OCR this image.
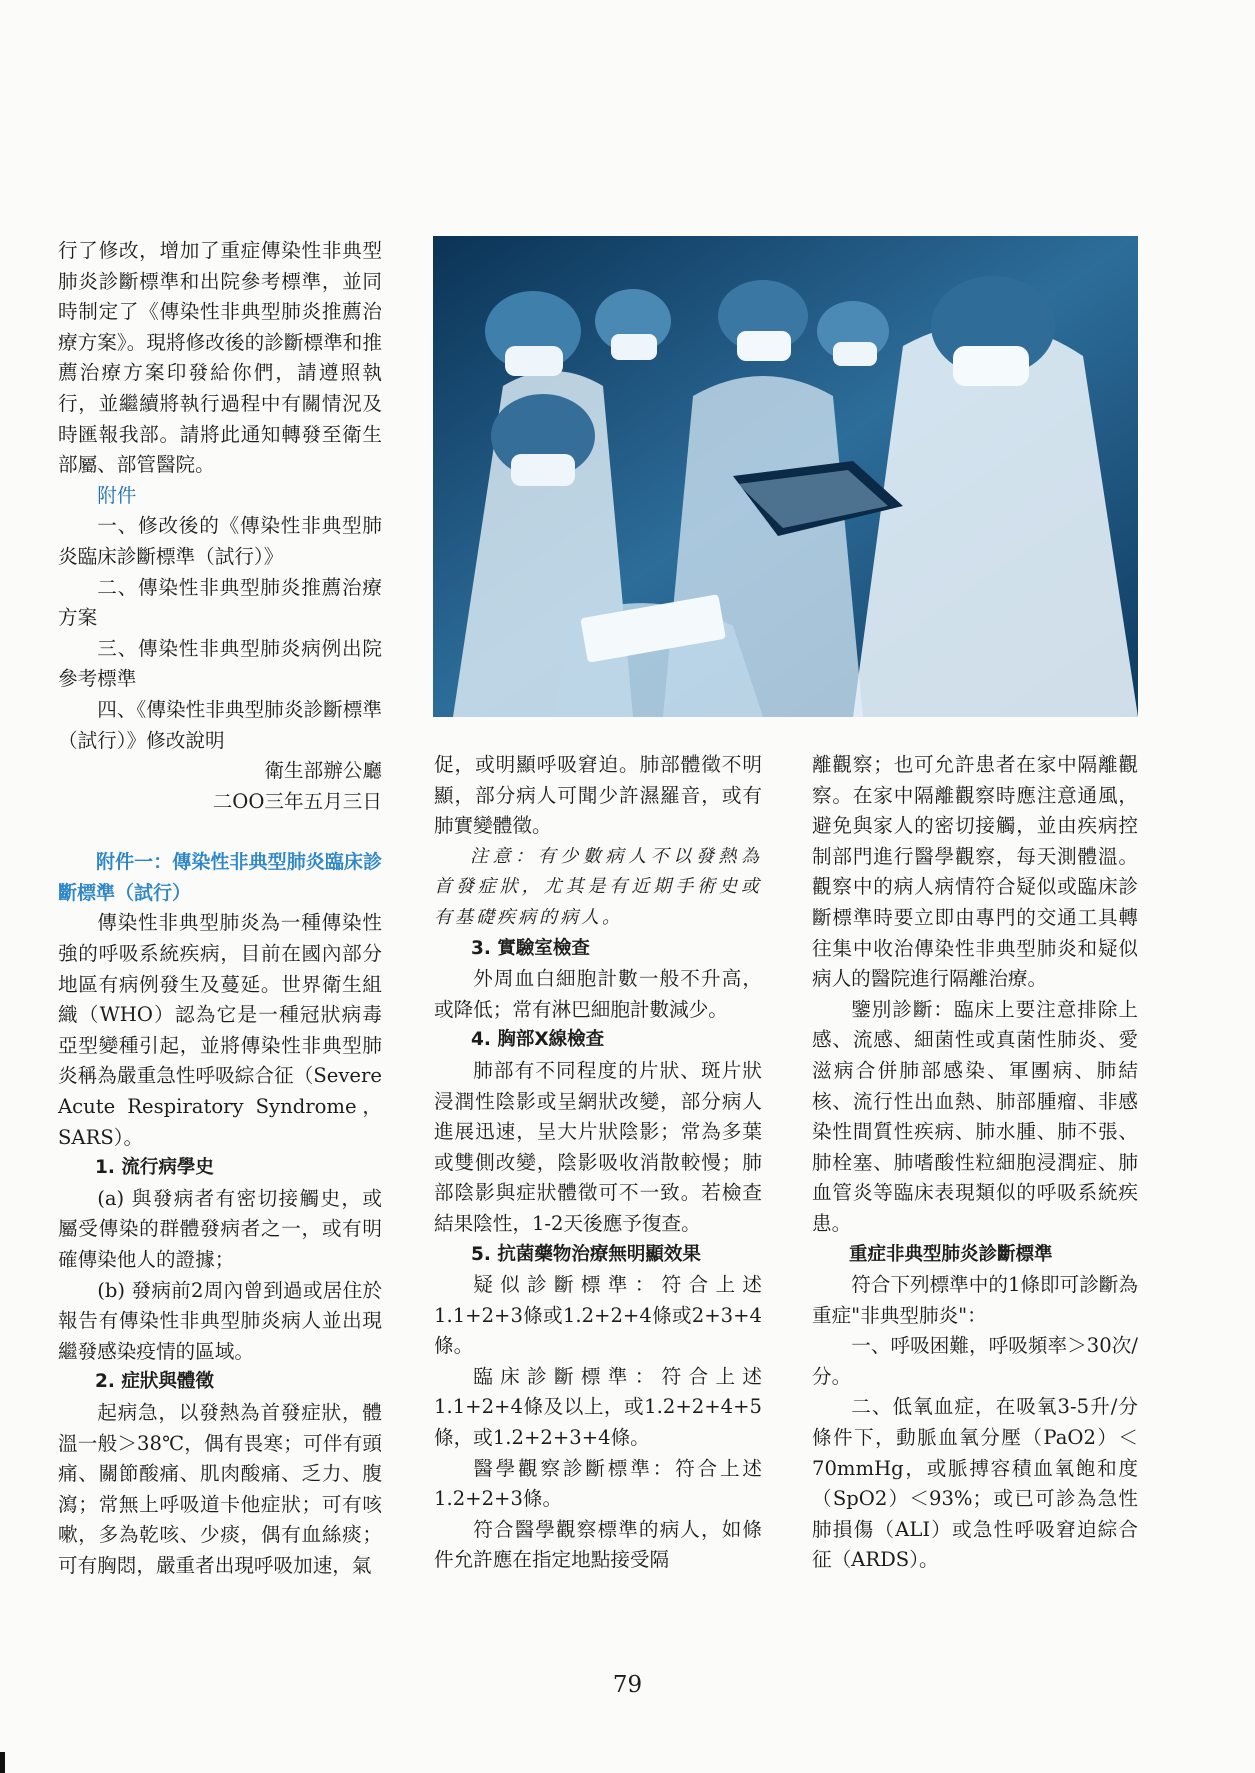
行了修改，增加了重症傳染性非典型肺炎診斷標準和出院參考標準，並同時制定了《傳染性非典型肺炎推薦治療方案》。現將修改後的診斷標準和推薦治療方案印發給你們，請遵照執行，並繼續將執行過程中有關情況及時匯報我部。請將此通知轉發至衛生部屬、部管醫院。

附件

一、修改後的《傳染性非典型肺炎臨床診斷標準（試行）》

二、傳染性非典型肺炎推薦治療方案

三、傳染性非典型肺炎病例出院參考標準

四、《傳染性非典型肺炎診斷標準（試行）》修改說明

衛生部辦公廳

二OO三年五月三日

附件一：傳染性非典型肺炎臨床診斷標準（試行）

傳染性非典型肺炎為一種傳染性強的呼吸系統疾病，目前在國內部分地區有病例發生及蔓延。世界衛生組織（WHO）認為它是一種冠狀病毒亞型變種引起，並將傳染性非典型肺炎稱為嚴重急性呼吸綜合征（Severe Acute Respiratory Syndrome，SARS）。

1. 流行病學史

(a) 與發病者有密切接觸史，或屬受傳染的群體發病者之一，或有明確傳染他人的證據；

(b) 發病前2周內曾到過或居住於報告有傳染性非典型肺炎病人並出現繼發感染疫情的區域。

2. 症狀與體徵

起病急，以發熱為首發症狀，體溫一般＞38℃，偶有畏寒；可伴有頭痛、關節酸痛、肌肉酸痛、乏力、腹瀉；常無上呼吸道卡他症狀；可有咳嗽，多為乾咳、少痰，偶有血絲痰；可有胸悶，嚴重者出現呼吸加速，氣

促，或明顯呼吸窘迫。肺部體徵不明顯，部分病人可聞少許濕羅音，或有肺實變體徵。

注意：有少數病人不以發熱為首發症狀，尤其是有近期手術史或有基礎疾病的病人。

3. 實驗室檢查

外周血白細胞計數一般不升高，或降低；常有淋巴細胞計數減少。

4. 胸部X線檢查

肺部有不同程度的片狀、斑片狀浸潤性陰影或呈網狀改變，部分病人進展迅速，呈大片狀陰影；常為多葉或雙側改變，陰影吸收消散較慢；肺部陰影與症狀體徵可不一致。若檢查結果陰性，1-2天後應予復查。

5. 抗菌藥物治療無明顯效果

疑似診斷標準：符合上述1.1+2+3條或1.2+2+4條或2+3+4條。

臨床診斷標準：符合上述1.1+2+4條及以上，或1.2+2+4+5條，或1.2+2+3+4條。

醫學觀察診斷標準：符合上述1.2+2+3條。

符合醫學觀察標準的病人，如條件允許應在指定地點接受隔

離觀察；也可允許患者在家中隔離觀察。在家中隔離觀察時應注意通風，避免與家人的密切接觸，並由疾病控制部門進行醫學觀察，每天測體溫。觀察中的病人病情符合疑似或臨床診斷標準時要立即由專門的交通工具轉往集中收治傳染性非典型肺炎和疑似病人的醫院進行隔離治療。

鑒別診斷：臨床上要注意排除上感、流感、細菌性或真菌性肺炎、愛滋病合併肺部感染、軍團病、肺結核、流行性出血熱、肺部腫瘤、非感染性間質性疾病、肺水腫、肺不張、肺栓塞、肺嗜酸性粒細胞浸潤症、肺血管炎等臨床表現類似的呼吸系統疾患。

重症非典型肺炎診斷標準

符合下列標準中的1條即可診斷為重症"非典型肺炎"：

一、呼吸困難，呼吸頻率＞30次/分。

二、低氧血症，在吸氧3-5升/分條件下，動脈血氧分壓（PaO2）＜70mmHg，或脈搏容積血氧飽和度（SpO2）＜93%；或已可診為急性肺損傷（ALI）或急性呼吸窘迫綜合征（ARDS）。

79
